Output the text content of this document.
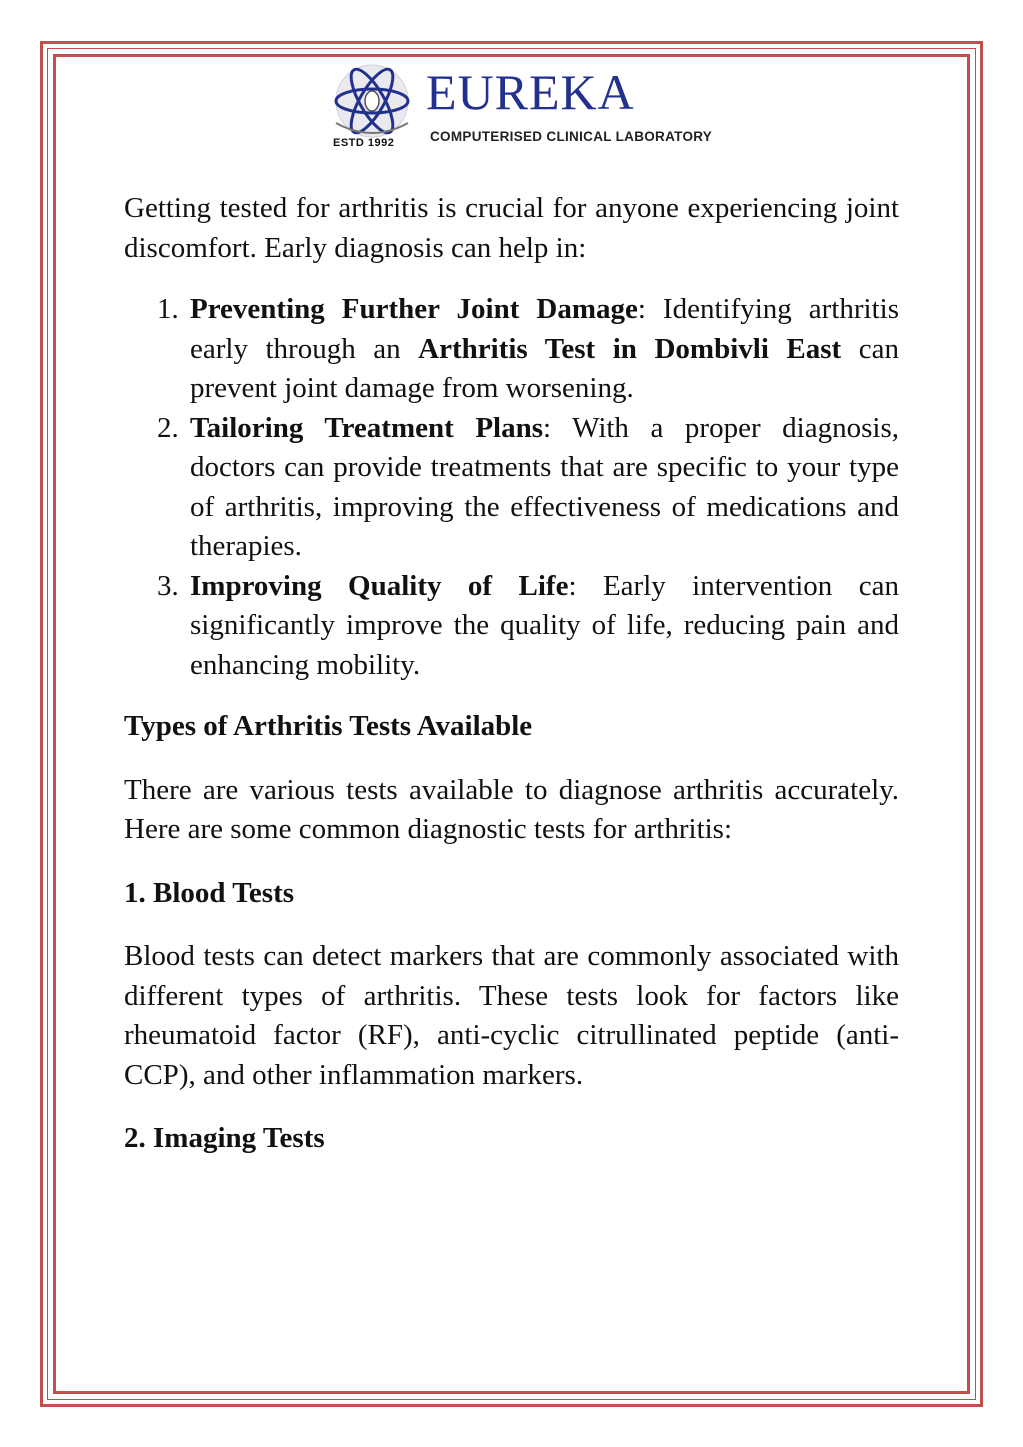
ESTD 1992
EUREKA
COMPUTERISED CLINICAL LABORATORY

Getting tested for arthritis is crucial for anyone experiencing joint discomfort. Early diagnosis can help in:

1. Preventing Further Joint Damage: Identifying arthritis early through an Arthritis Test in Dombivli East can prevent joint damage from worsening.
2. Tailoring Treatment Plans: With a proper diagnosis, doctors can provide treatments that are specific to your type of arthritis, improving the effectiveness of medications and therapies.
3. Improving Quality of Life: Early intervention can significantly improve the quality of life, reducing pain and enhancing mobility.
Types of Arthritis Tests Available

There are various tests available to diagnose arthritis accurately. Here are some common diagnostic tests for arthritis:

1. Blood Tests

Blood tests can detect markers that are commonly associated with different types of arthritis. These tests look for factors like rheumatoid factor (RF), anti-cyclic citrullinated peptide (anti-CCP), and other inflammation markers.

2. Imaging Tests
